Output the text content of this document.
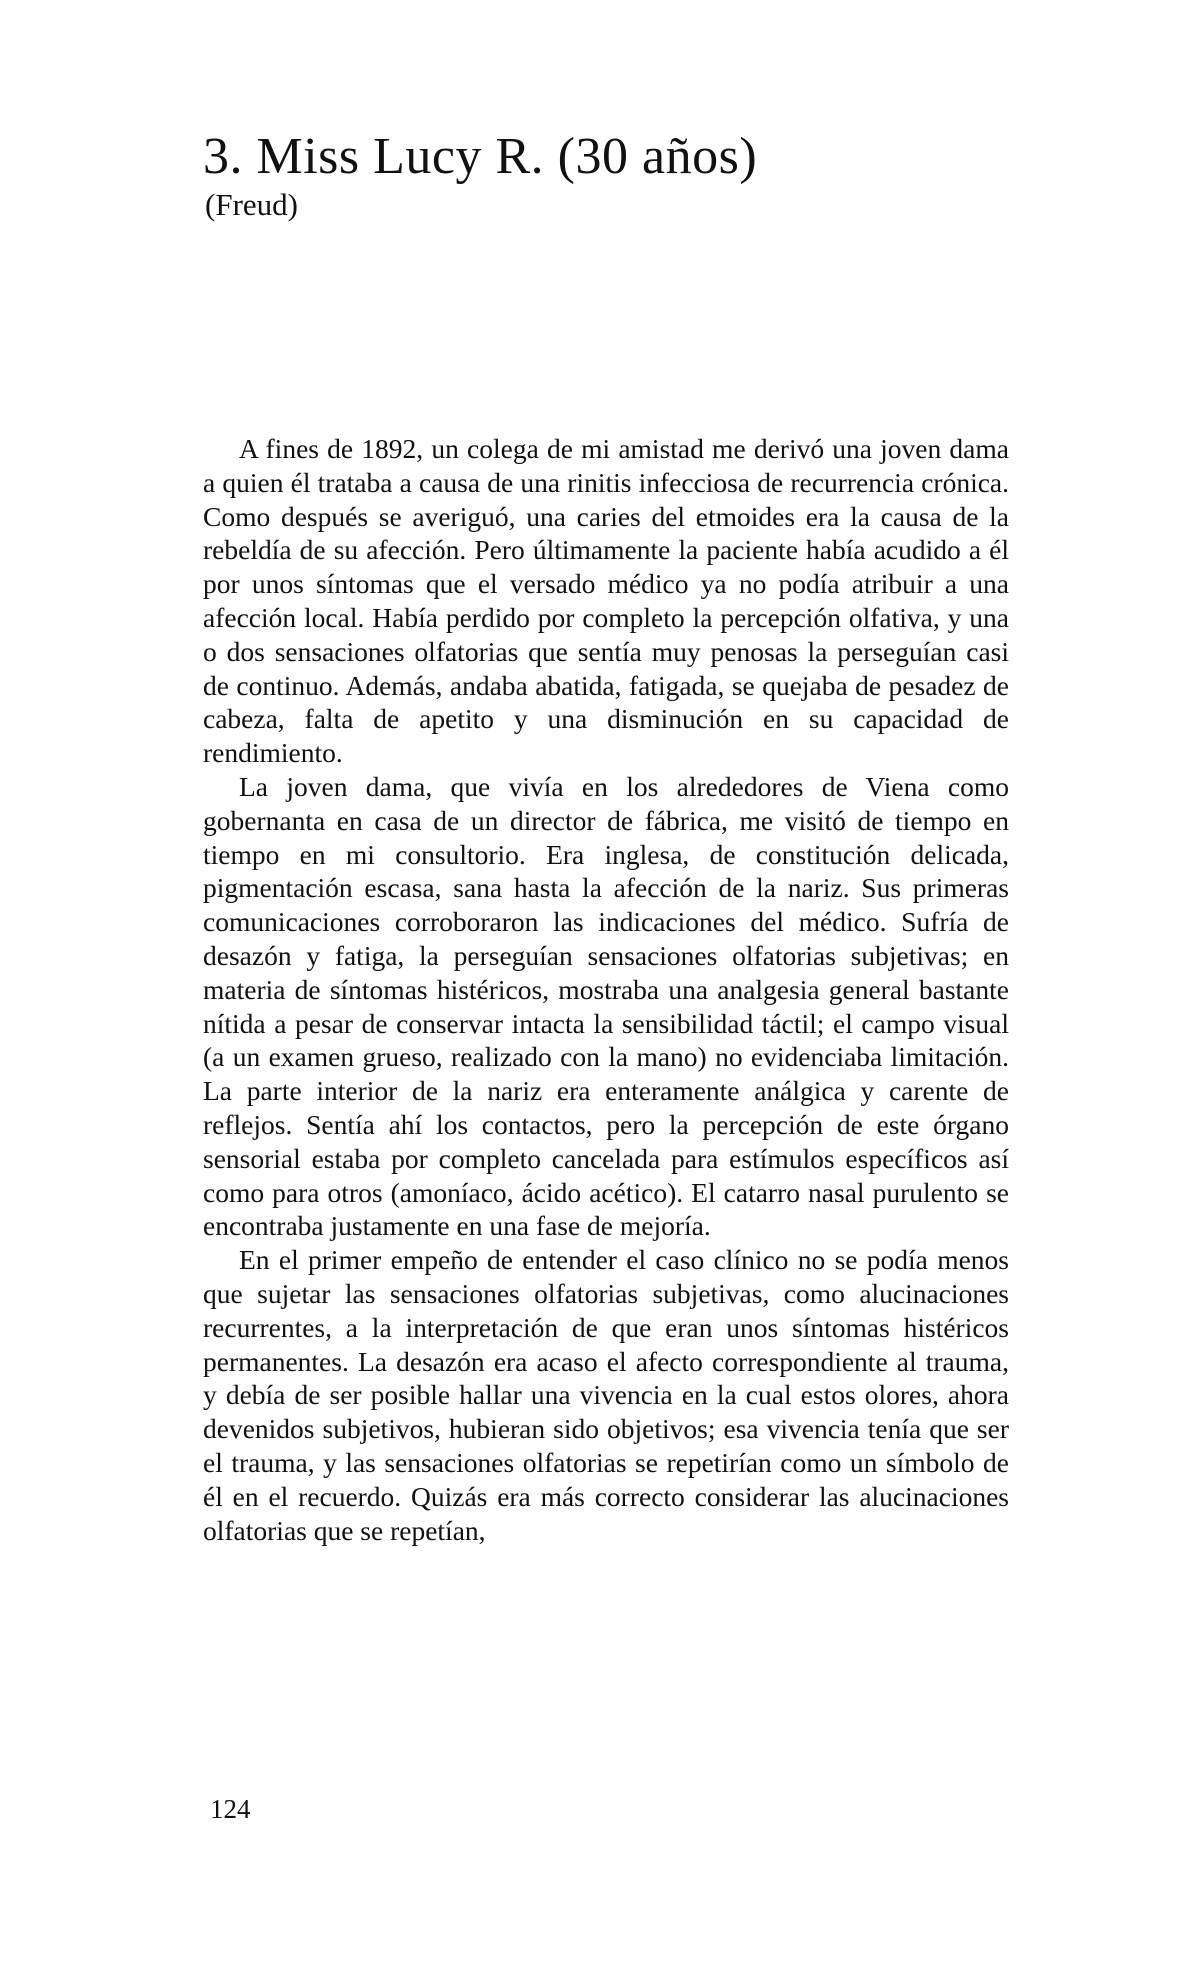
3. Miss Lucy R. (30 años)
(Freud)

A fines de 1892, un colega de mi amistad me derivó una joven dama a quien él trataba a causa de una rinitis infecciosa de recurrencia crónica. Como después se averiguó, una caries del etmoides era la causa de la rebeldía de su afección. Pero últimamente la paciente había acudido a él por unos síntomas que el versado médico ya no podía atribuir a una afección local. Había perdido por completo la percepción olfativa, y una o dos sensaciones olfatorias que sentía muy penosas la perseguían casi de continuo. Además, andaba abatida, fatigada, se quejaba de pesadez de cabeza, falta de apetito y una disminución en su capacidad de rendimiento.

La joven dama, que vivía en los alrededores de Viena como gobernanta en casa de un director de fábrica, me visitó de tiempo en tiempo en mi consultorio. Era inglesa, de constitución delicada, pigmentación escasa, sana hasta la afección de la nariz. Sus primeras comunicaciones corroboraron las indicaciones del médico. Sufría de desazón y fatiga, la perseguían sensaciones olfatorias subjetivas; en materia de síntomas histéricos, mostraba una analgesia general bastante nítida a pesar de conservar intacta la sensibilidad táctil; el campo visual (a un examen grueso, realizado con la mano) no evidenciaba limitación. La parte interior de la nariz era enteramente análgica y carente de reflejos. Sentía ahí los contactos, pero la percepción de este órgano sensorial estaba por completo cancelada para estímulos específicos así como para otros (amoníaco, ácido acético). El catarro nasal purulento se encontraba justamente en una fase de mejoría.

En el primer empeño de entender el caso clínico no se podía menos que sujetar las sensaciones olfatorias subjetivas, como alucinaciones recurrentes, a la interpretación de que eran unos síntomas histéricos permanentes. La desazón era acaso el afecto correspondiente al trauma, y debía de ser posible hallar una vivencia en la cual estos olores, ahora devenidos subjetivos, hubieran sido objetivos; esa vivencia tenía que ser el trauma, y las sensaciones olfatorias se repetirían como un símbolo de él en el recuerdo. Quizás era más correcto considerar las alucinaciones olfatorias que se repetían,

124
